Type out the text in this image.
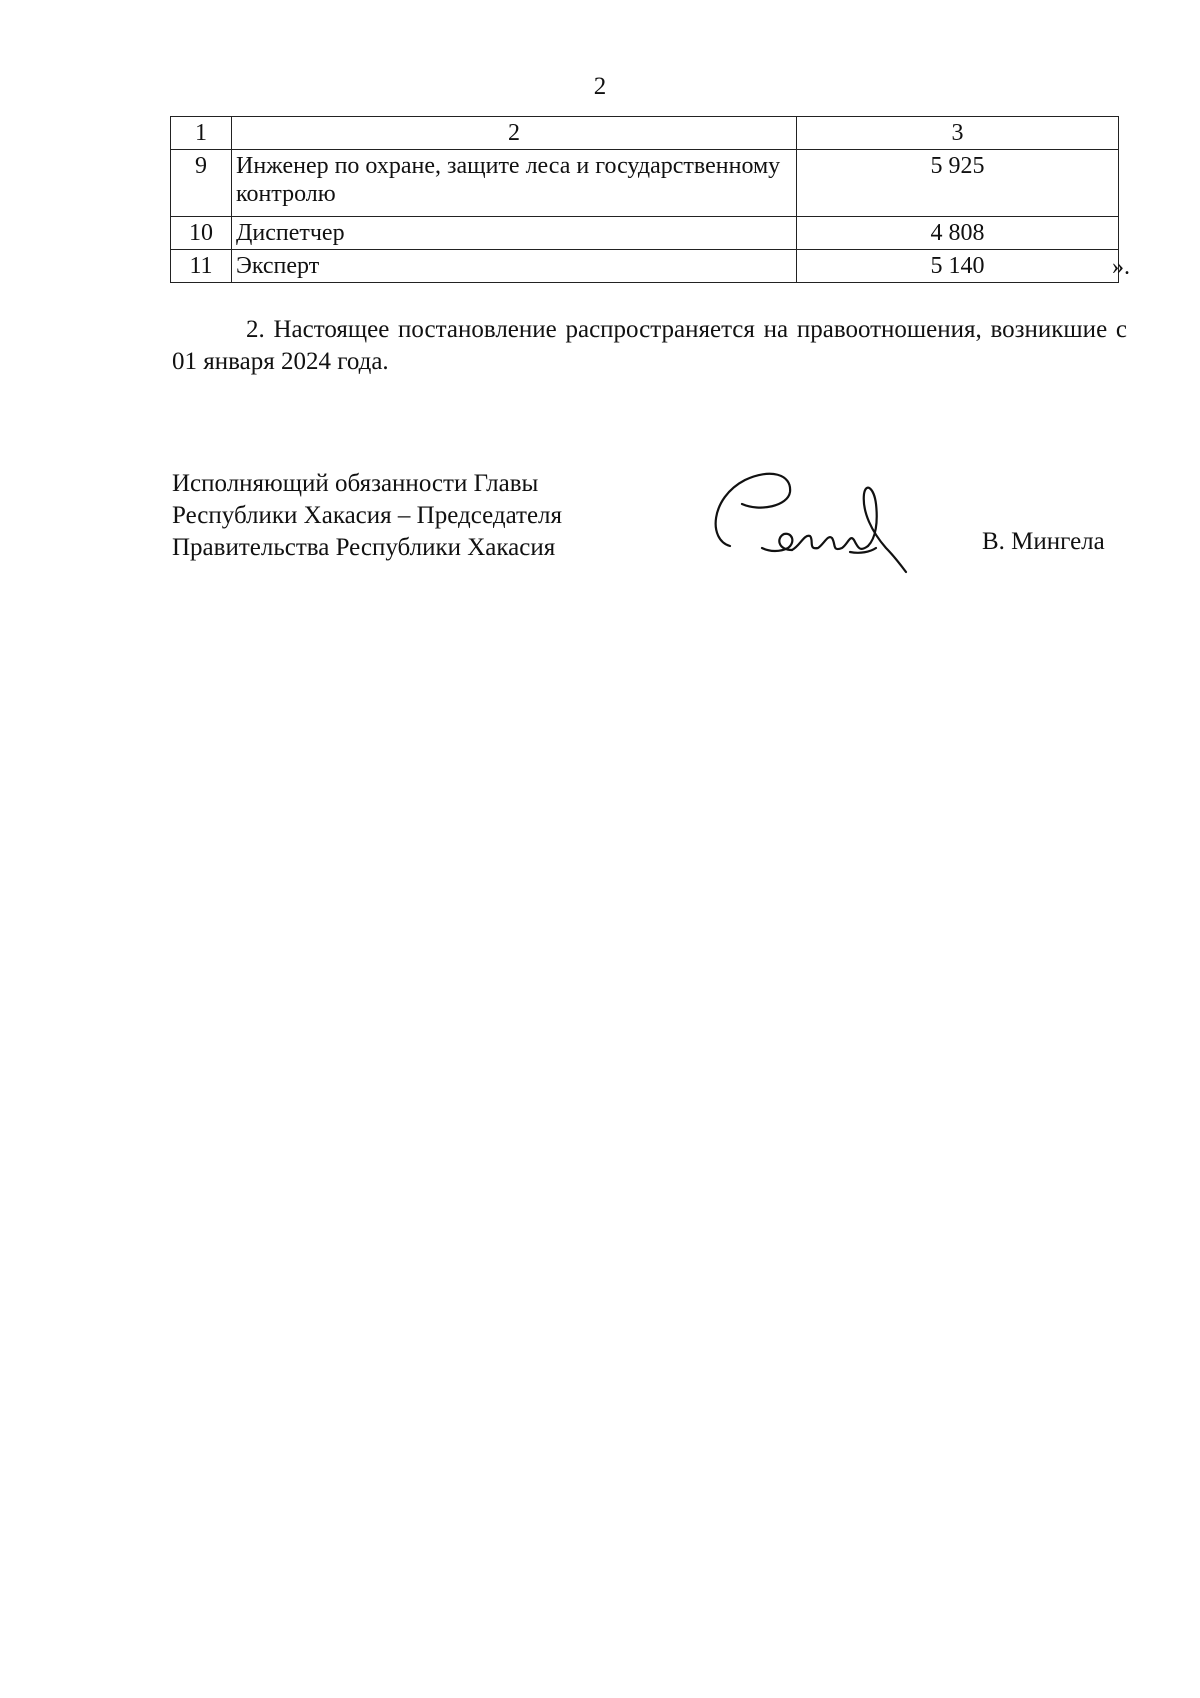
2
1	2	3
9	Инженер по охране, защите леса и государственному контролю	5 925
10	Диспетчер	4 808
11	Эксперт	5 140	».
2. Настоящее постановление распространяется на правоотношения, возникшие с 01 января 2024 года.
Исполняющий обязанности Главы
Республики Хакасия – Председателя
Правительства Республики Хакасия	В. Мингела
